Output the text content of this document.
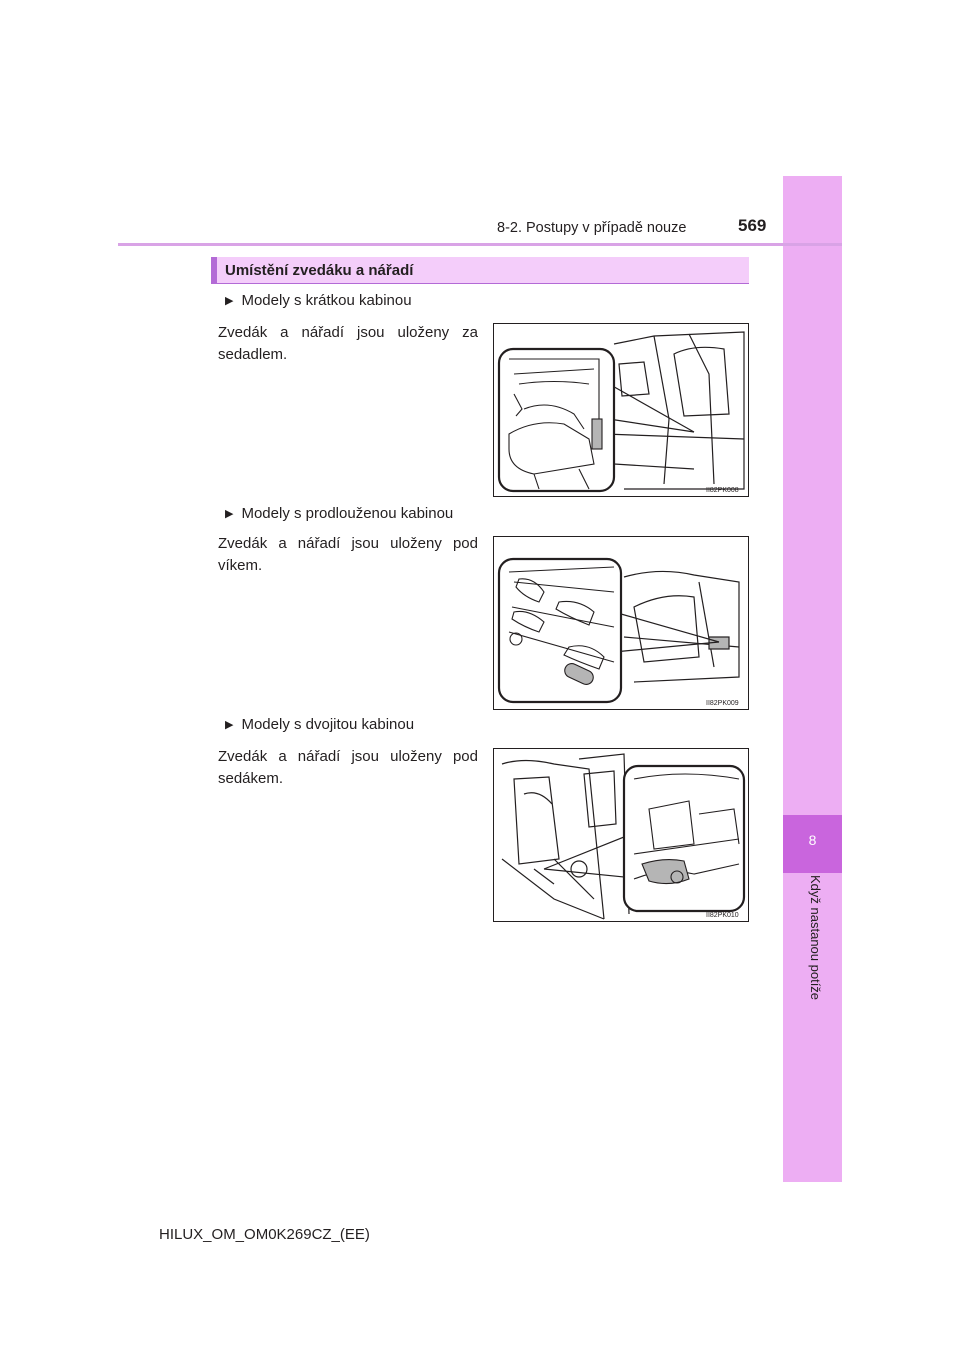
8
Když nastanou potíže
8-2. Postupy v případě nouze	569
Umístění zvedáku a nářadí
▶ Modely s krátkou kabinou
Zvedák a nářadí jsou uloženy za sedadlem.
II82PK008
▶ Modely s prodlouženou kabinou
Zvedák a nářadí jsou uloženy pod víkem.
II82PK009
▶ Modely s dvojitou kabinou
Zvedák a nářadí jsou uloženy pod sedákem.
II82PK010
HILUX_OM_OM0K269CZ_(EE)
